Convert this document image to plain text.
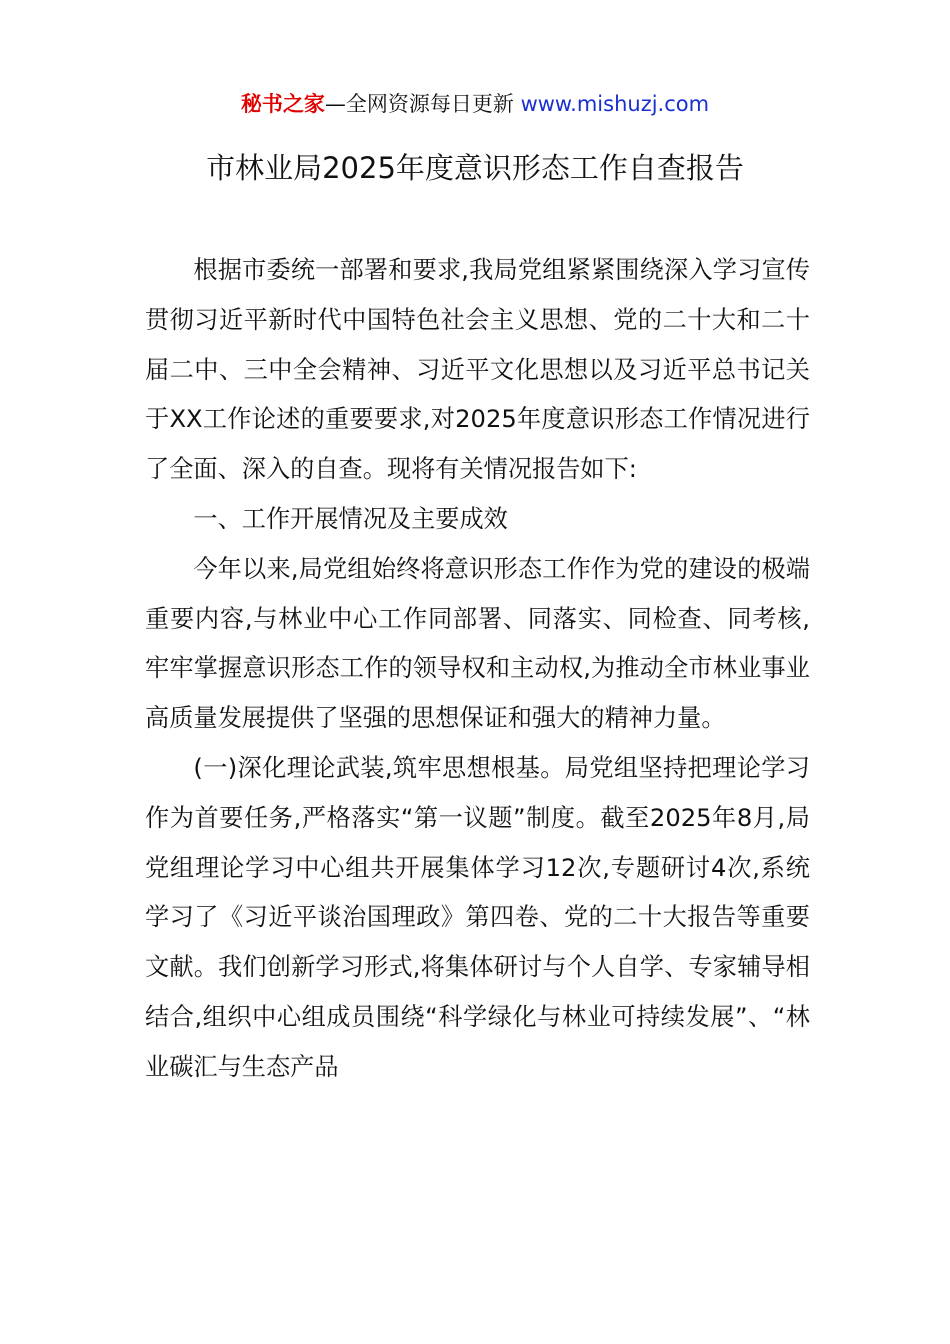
秘书之家—全网资源每日更新 www.mishuzj.com
市林业局2025年度意识形态工作自查报告

根据市委统一部署和要求,我局党组紧紧围绕深入学习宣传贯彻习近平新时代中国特色社会主义思想、党的二十大和二十届二中、三中全会精神、习近平文化思想以及习近平总书记关于XX工作论述的重要要求,对2025年度意识形态工作情况进行了全面、深入的自查。现将有关情况报告如下:

一、工作开展情况及主要成效

今年以来,局党组始终将意识形态工作作为党的建设的极端重要内容,与林业中心工作同部署、同落实、同检查、同考核,牢牢掌握意识形态工作的领导权和主动权,为推动全市林业事业高质量发展提供了坚强的思想保证和强大的精神力量。

(一)深化理论武装,筑牢思想根基。局党组坚持把理论学习作为首要任务,严格落实“第一议题”制度。截至2025年8月,局党组理论学习中心组共开展集体学习12次,专题研讨4次,系统学习了《习近平谈治国理政》第四卷、党的二十大报告等重要文献。我们创新学习形式,将集体研讨与个人自学、专家辅导相结合,组织中心组成员围绕“科学绿化与林业可持续发展”、“林业碳汇与生态产品
